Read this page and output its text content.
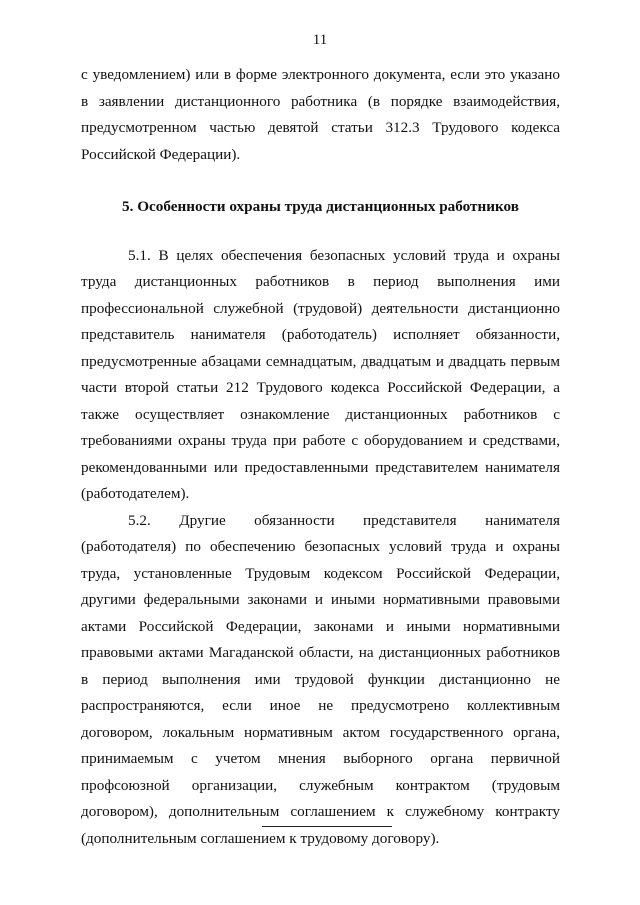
11

с уведомлением) или в форме электронного документа, если это указано в заявлении дистанционного работника (в порядке взаимодействия, предусмотренном частью девятой статьи 312.3 Трудового кодекса Российской Федерации).

5. Особенности охраны труда дистанционных работников

5.1. В целях обеспечения безопасных условий труда и охраны труда дистанционных работников в период выполнения ими профессиональной служебной (трудовой) деятельности дистанционно представитель нанимателя (работодатель) исполняет обязанности, предусмотренные абзацами семнадцатым, двадцатым и двадцать первым части второй статьи 212 Трудового кодекса Российской Федерации, а также осуществляет ознакомление дистанционных работников с требованиями охраны труда при работе с оборудованием и средствами, рекомендованными или предоставленными представителем нанимателя (работодателем).

5.2. Другие обязанности представителя нанимателя (работодателя) по обеспечению безопасных условий труда и охраны труда, установленные Трудовым кодексом Российской Федерации, другими федеральными законами и иными нормативными правовыми актами Российской Федерации, законами и иными нормативными правовыми актами Магаданской области, на дистанционных работников в период выполнения ими трудовой функции дистанционно не распространяются, если иное не предусмотрено коллективным договором, локальным нормативным актом государственного органа, принимаемым с учетом мнения выборного органа первичной профсоюзной организации, служебным контрактом (трудовым договором), дополнительным соглашением к служебному контракту (дополнительным соглашением к трудовому договору).
